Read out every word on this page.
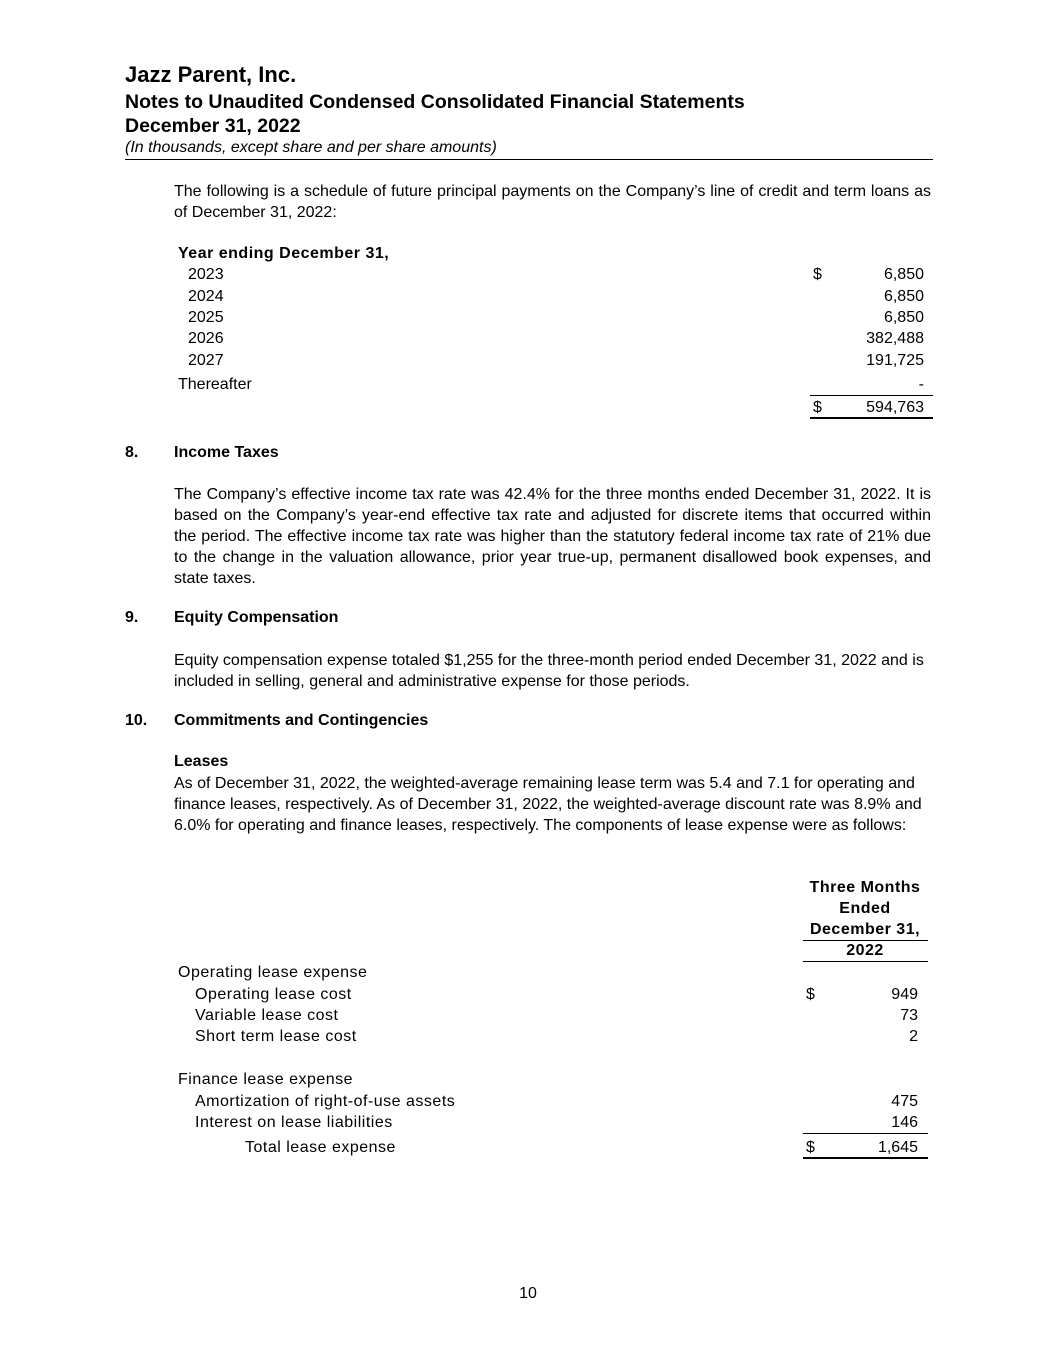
Jazz Parent, Inc.
Notes to Unaudited Condensed Consolidated Financial Statements
December 31, 2022
(In thousands, except share and per share amounts)
The following is a schedule of future principal payments on the Company’s line of credit and term loans as of December 31, 2022:
Year ending December 31,
2023	$	6,850
2024	6,850
2025	6,850
2026	382,488
2027	191,725
Thereafter	-
$	594,763
8. Income Taxes
The Company’s effective income tax rate was 42.4% for the three months ended December 31, 2022. It is based on the Company’s year-end effective tax rate and adjusted for discrete items that occurred within the period. The effective income tax rate was higher than the statutory federal income tax rate of 21% due to the change in the valuation allowance, prior year true-up, permanent disallowed book expenses, and state taxes.
9. Equity Compensation
Equity compensation expense totaled $1,255 for the three-month period ended December 31, 2022 and is included in selling, general and administrative expense for those periods.
10. Commitments and Contingencies
Leases
As of December 31, 2022, the weighted-average remaining lease term was 5.4 and 7.1 for operating and finance leases, respectively. As of December 31, 2022, the weighted-average discount rate was 8.9% and 6.0% for operating and finance leases, respectively. The components of lease expense were as follows:
Three Months
Ended
December 31,
2022
Operating lease expense
Operating lease cost	$	949
Variable lease cost	73
Short term lease cost	2
Finance lease expense
Amortization of right-of-use assets	475
Interest on lease liabilities	146
Total lease expense	$	1,645
10
